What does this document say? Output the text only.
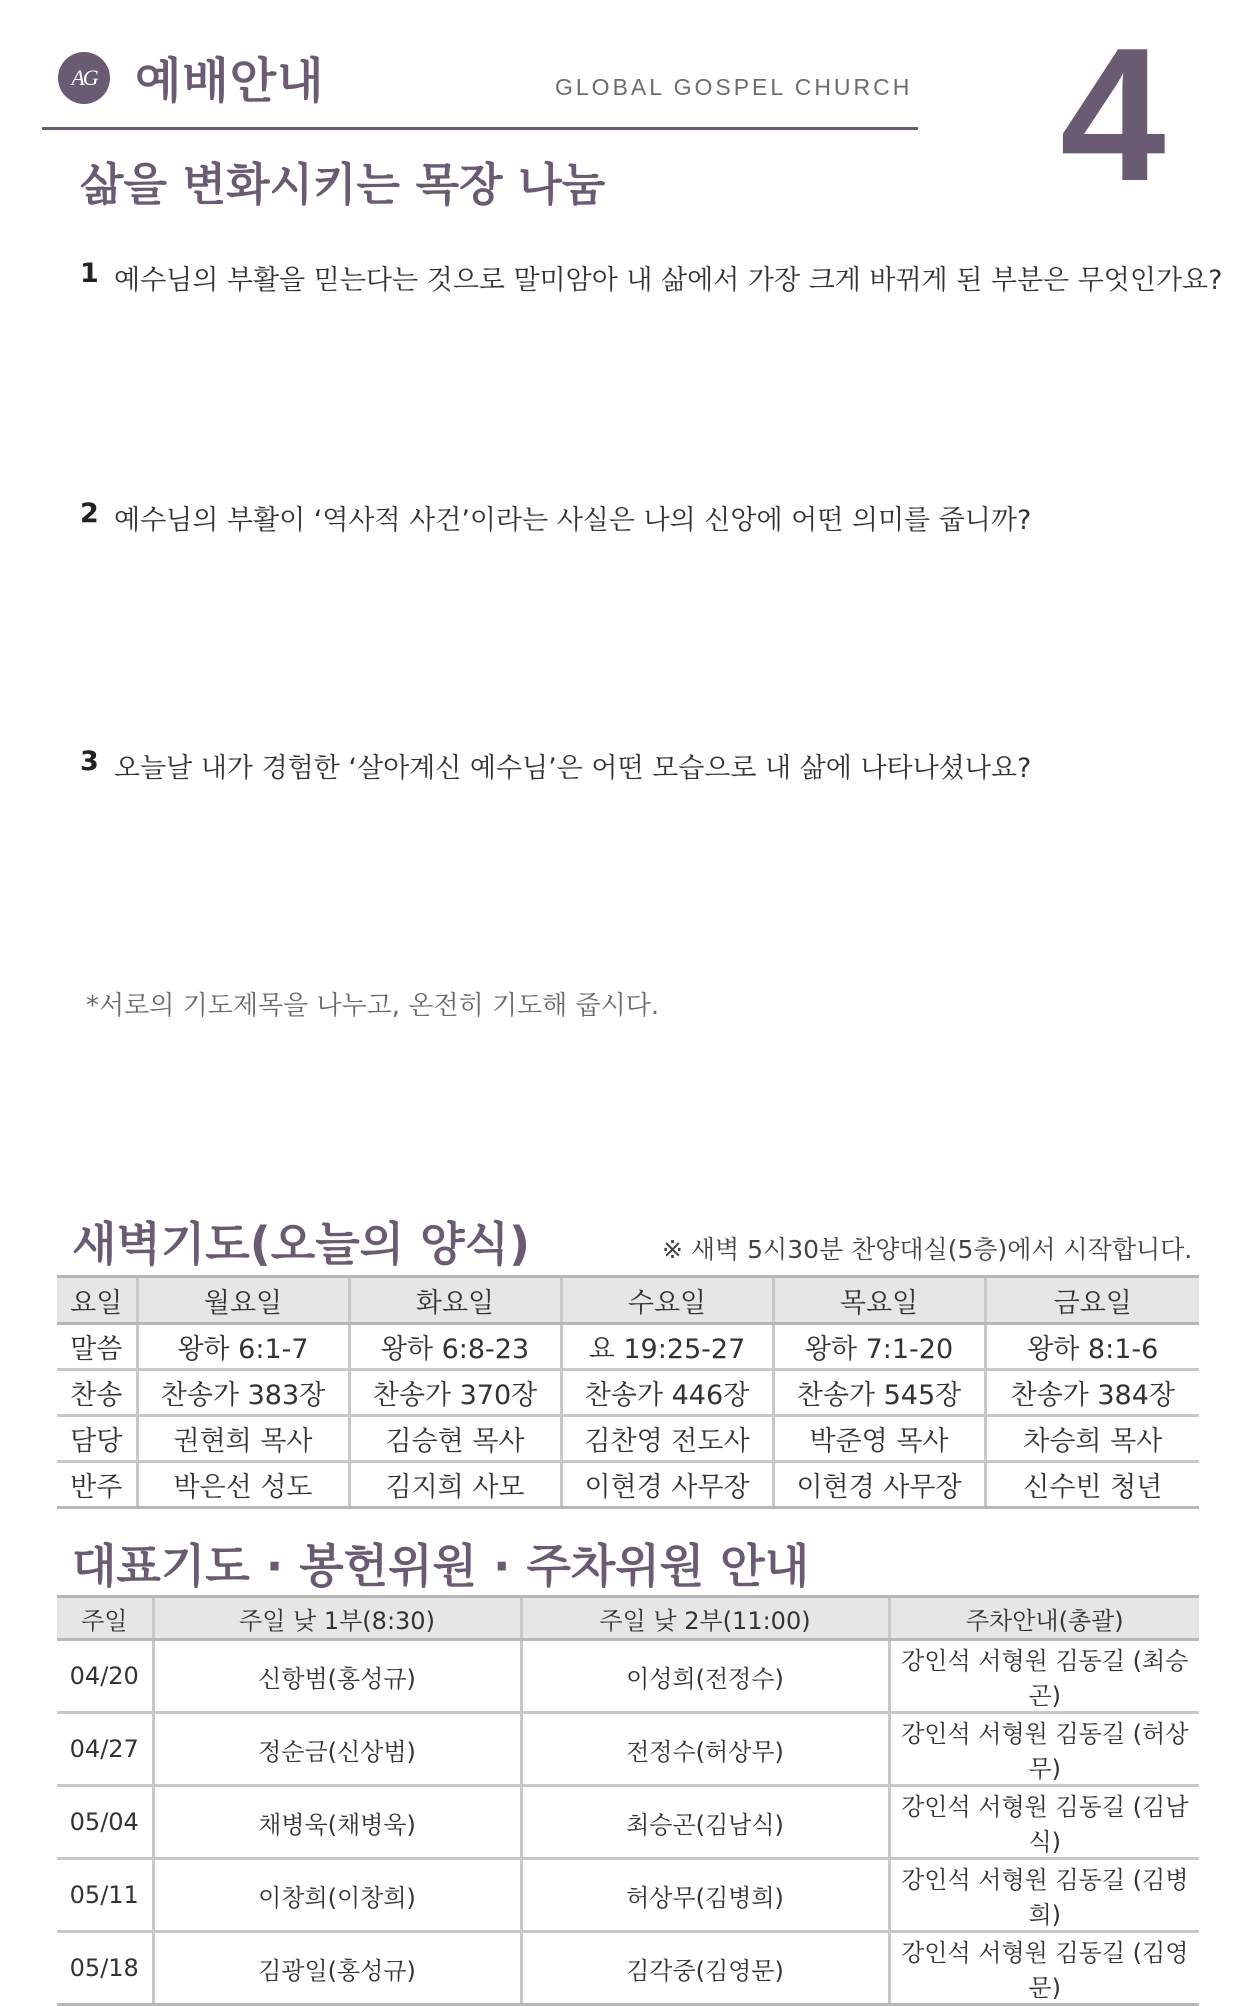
AG 예배안내	GLOBAL GOSPEL CHURCH 4
삶을 변화시키는 목장 나눔
1 예수님의 부활을 믿는다는 것으로 말미암아 내 삶에서 가장 크게 바뀌게 된 부분은 무엇인가요?
2 예수님의 부활이 ‘역사적 사건’이라는 사실은 나의 신앙에 어떤 의미를 줍니까?
3 오늘날 내가 경험한 ‘살아계신 예수님’은 어떤 모습으로 내 삶에 나타나셨나요?
*서로의 기도제목을 나누고, 온전히 기도해 줍시다.
새벽기도(오늘의 양식)	※ 새벽 5시30분 찬양대실(5층)에서 시작합니다.
요일	월요일	화요일	수요일	목요일	금요일
말씀	왕하 6:1-7	왕하 6:8-23	요 19:25-27	왕하 7:1-20	왕하 8:1-6
찬송	찬송가 383장	찬송가 370장	찬송가 446장	찬송가 545장	찬송가 384장
담당	권현희 목사	김승현 목사	김찬영 전도사	박준영 목사	차승희 목사
반주	박은선 성도	김지희 사모	이현경 사무장	이현경 사무장	신수빈 청년
대표기도 · 봉헌위원 · 주차위원 안내
주일	주일 낮 1부(8:30)	주일 낮 2부(11:00)	주차안내(총괄)
04/20	신항범(홍성규)	이성희(전정수)	강인석 서형원 김동길 (최승곤)
04/27	정순금(신상범)	전정수(허상무)	강인석 서형원 김동길 (허상무)
05/04	채병욱(채병욱)	최승곤(김남식)	강인석 서형원 김동길 (김남식)
05/11	이창희(이창희)	허상무(김병희)	강인석 서형원 김동길 (김병희)
05/18	김광일(홍성규)	김각중(김영문)	강인석 서형원 김동길 (김영문)
